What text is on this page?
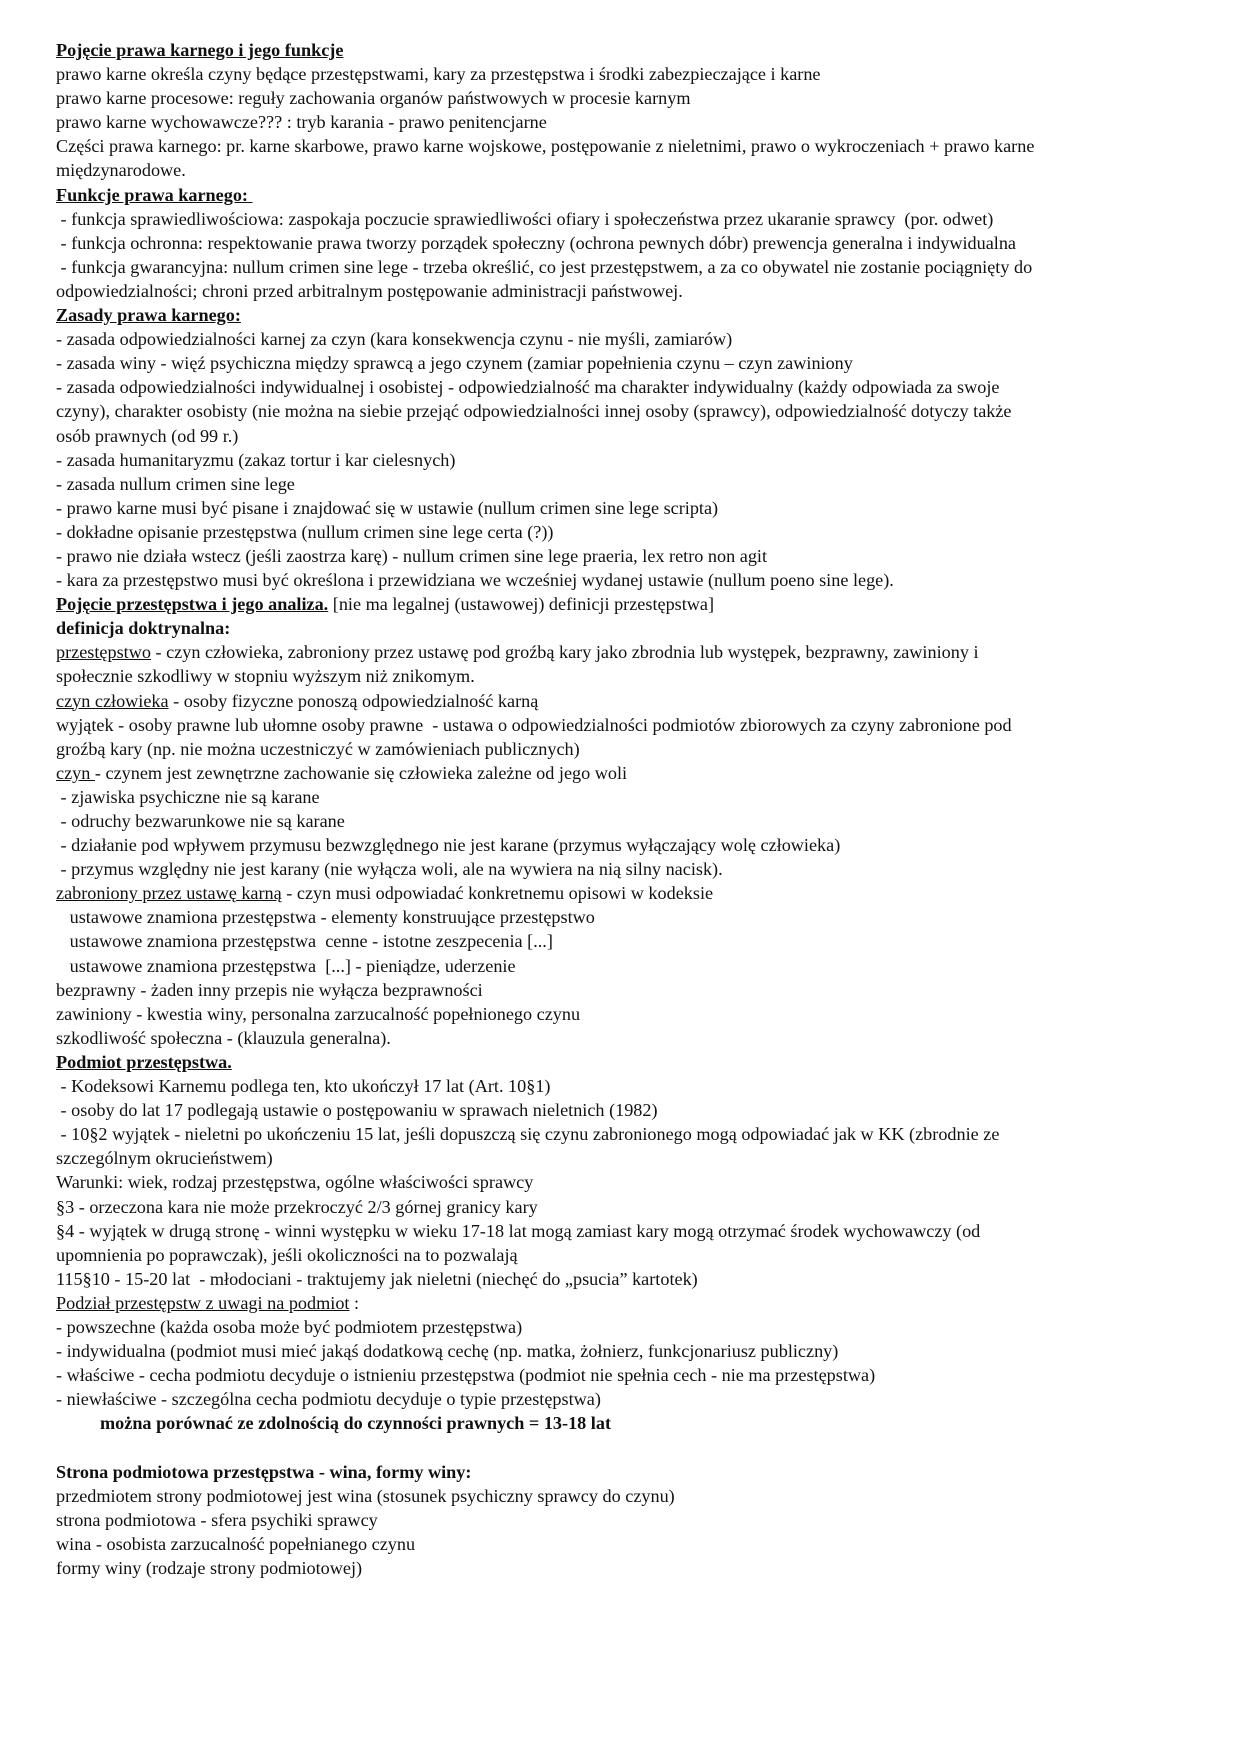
Pojęcie prawa karnego i jego funkcje
prawo karne określa czyny będące przestępstwami, kary za przestępstwa i środki zabezpieczające i karne
prawo karne procesowe: reguły zachowania organów państwowych w procesie karnym
prawo karne wychowawcze??? : tryb karania - prawo penitencjarne
Części prawa karnego: pr. karne skarbowe, prawo karne wojskowe, postępowanie z nieletnimi, prawo o wykroczeniach + prawo karne
międzynarodowe.
Funkcje prawa karnego:
- funkcja sprawiedliwościowa: zaspokaja poczucie sprawiedliwości ofiary i społeczeństwa przez ukaranie sprawcy  (por. odwet)
- funkcja ochronna: respektowanie prawa tworzy porządek społeczny (ochrona pewnych dóbr) prewencja generalna i indywidualna
- funkcja gwarancyjna: nullum crimen sine lege - trzeba określić, co jest przestępstwem, a za co obywatel nie zostanie pociągnięty do
odpowiedzialności; chroni przed arbitralnym postępowanie administracji państwowej.
Zasady prawa karnego:
- zasada odpowiedzialności karnej za czyn (kara konsekwencja czynu - nie myśli, zamiarów)
- zasada winy - więź psychiczna między sprawcą a jego czynem (zamiar popełnienia czynu – czyn zawiniony
- zasada odpowiedzialności indywidualnej i osobistej - odpowiedzialność ma charakter indywidualny (każdy odpowiada za swoje
czyny), charakter osobisty (nie można na siebie przejąć odpowiedzialności innej osoby (sprawcy), odpowiedzialność dotyczy także
osób prawnych (od 99 r.)
- zasada humanitaryzmu (zakaz tortur i kar cielesnych)
- zasada nullum crimen sine lege
- prawo karne musi być pisane i znajdować się w ustawie (nullum crimen sine lege scripta)
- dokładne opisanie przestępstwa (nullum crimen sine lege certa (?))
- prawo nie działa wstecz (jeśli zaostrza karę) - nullum crimen sine lege praeria, lex retro non agit
- kara za przestępstwo musi być określona i przewidziana we wcześniej wydanej ustawie (nullum poeno sine lege).
Pojęcie przestępstwa i jego analiza. [nie ma legalnej (ustawowej) definicji przestępstwa]
definicja doktrynalna:
przestępstwo - czyn człowieka, zabroniony przez ustawę pod groźbą kary jako zbrodnia lub występek, bezprawny, zawiniony i
społecznie szkodliwy w stopniu wyższym niż znikomym.
czyn człowieka - osoby fizyczne ponoszą odpowiedzialność karną
wyjątek - osoby prawne lub ułomne osoby prawne  - ustawa o odpowiedzialności podmiotów zbiorowych za czyny zabronione pod
groźbą kary (np. nie można uczestniczyć w zamówieniach publicznych)
czyn - czynem jest zewnętrzne zachowanie się człowieka zależne od jego woli
- zjawiska psychiczne nie są karane
- odruchy bezwarunkowe nie są karane
- działanie pod wpływem przymusu bezwzględnego nie jest karane (przymus wyłączający wolę człowieka)
- przymus względny nie jest karany (nie wyłącza woli, ale na wywiera na nią silny nacisk).
zabroniony przez ustawę karną - czyn musi odpowiadać konkretnemu opisowi w kodeksie
ustawowe znamiona przestępstwa - elementy konstruujące przestępstwo
ustawowe znamiona przestępstwa  cenne - istotne zeszpecenia [...]
ustawowe znamiona przestępstwa  [...] - pieniądze, uderzenie
bezprawny - żaden inny przepis nie wyłącza bezprawności
zawiniony - kwestia winy, personalna zarzucalność popełnionego czynu
szkodliwość społeczna - (klauzula generalna).
Podmiot przestępstwa.
- Kodeksowi Karnemu podlega ten, kto ukończył 17 lat (Art. 10§1)
- osoby do lat 17 podlegają ustawie o postępowaniu w sprawach nieletnich (1982)
- 10§2 wyjątek - nieletni po ukończeniu 15 lat, jeśli dopuszczą się czynu zabronionego mogą odpowiadać jak w KK (zbrodnie ze
szczególnym okrucieństwem)
Warunki: wiek, rodzaj przestępstwa, ogólne właściwości sprawcy
§3 - orzeczona kara nie może przekroczyć 2/3 górnej granicy kary
§4 - wyjątek w drugą stronę - winni występku w wieku 17-18 lat mogą zamiast kary mogą otrzymać środek wychowawczy (od
upomnienia po poprawczak), jeśli okoliczności na to pozwalają
115§10 - 15-20 lat  - młodociani - traktujemy jak nieletni (niechęć do „psucia” kartotek)
Podział przestępstw z uwagi na podmiot :
- powszechne (każda osoba może być podmiotem przestępstwa)
- indywidualna (podmiot musi mieć jakąś dodatkową cechę (np. matka, żołnierz, funkcjonariusz publiczny)
- właściwe - cecha podmiotu decyduje o istnieniu przestępstwa (podmiot nie spełnia cech - nie ma przestępstwa)
- niewłaściwe - szczególna cecha podmiotu decyduje o typie przestępstwa)
można porównać ze zdolnością do czynności prawnych = 13-18 lat
Strona podmiotowa przestępstwa - wina, formy winy:
przedmiotem strony podmiotowej jest wina (stosunek psychiczny sprawcy do czynu)
strona podmiotowa - sfera psychiki sprawcy
wina - osobista zarzucalność popełnianego czynu
formy winy (rodzaje strony podmiotowej)
